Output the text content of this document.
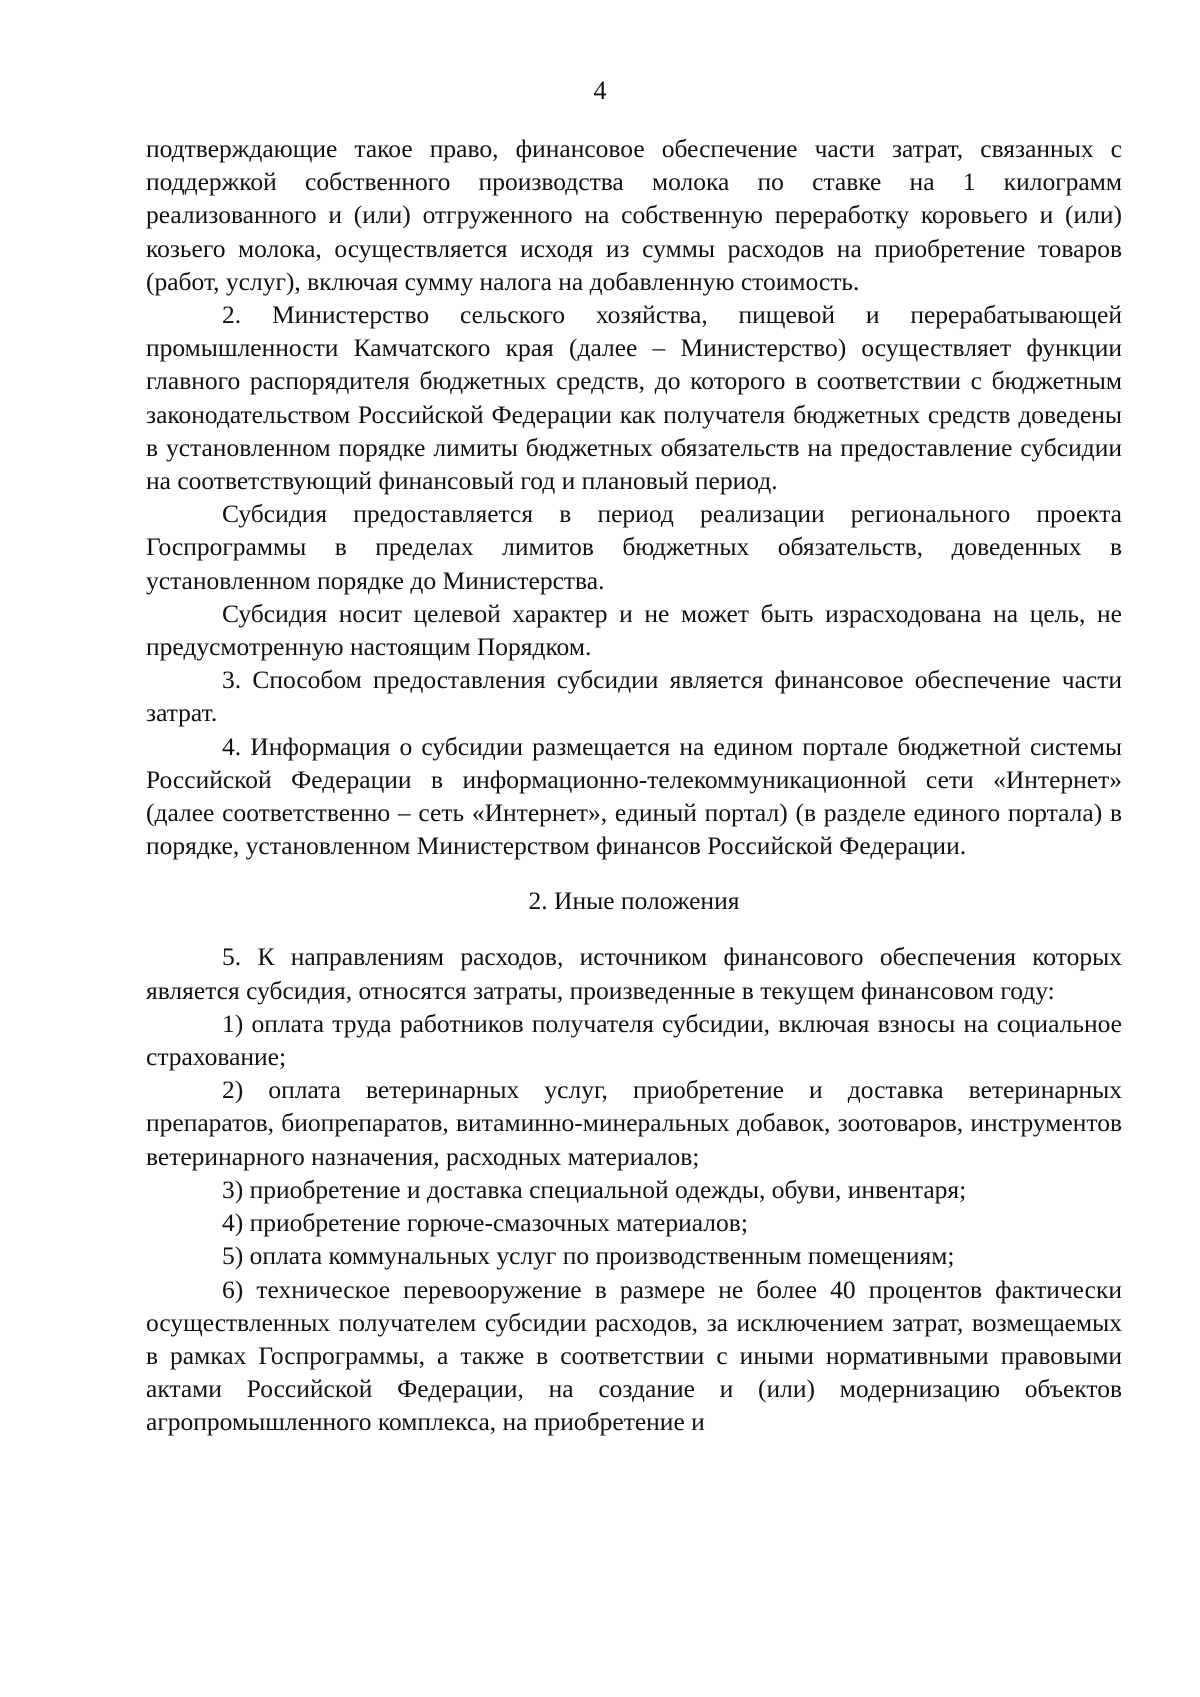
4

подтверждающие такое право, финансовое обеспечение части затрат, связанных с поддержкой собственного производства молока по ставке на 1 килограмм реализованного и (или) отгруженного на собственную переработку коровьего и (или) козьего молока, осуществляется исходя из суммы расходов на приобретение товаров (работ, услуг), включая сумму налога на добавленную стоимость.

2. Министерство сельского хозяйства, пищевой и перерабатывающей промышленности Камчатского края (далее – Министерство) осуществляет функции главного распорядителя бюджетных средств, до которого в соответствии с бюджетным законодательством Российской Федерации как получателя бюджетных средств доведены в установленном порядке лимиты бюджетных обязательств на предоставление субсидии на соответствующий финансовый год и плановый период.

Субсидия предоставляется в период реализации регионального проекта Госпрограммы в пределах лимитов бюджетных обязательств, доведенных в установленном порядке до Министерства.

Субсидия носит целевой характер и не может быть израсходована на цель, не предусмотренную настоящим Порядком.

3. Способом предоставления субсидии является финансовое обеспечение части затрат.

4. Информация о субсидии размещается на едином портале бюджетной системы Российской Федерации в информационно-телекоммуникационной сети «Интернет» (далее соответственно – сеть «Интернет», единый портал) (в разделе единого портала) в порядке, установленном Министерством финансов Российской Федерации.

2. Иные положения

5. К направлениям расходов, источником финансового обеспечения которых является субсидия, относятся затраты, произведенные в текущем финансовом году:

1) оплата труда работников получателя субсидии, включая взносы на социальное страхование;

2) оплата ветеринарных услуг, приобретение и доставка ветеринарных препаратов, биопрепаратов, витаминно-минеральных добавок, зоотоваров, инструментов ветеринарного назначения, расходных материалов;

3) приобретение и доставка специальной одежды, обуви, инвентаря;

4) приобретение горюче-смазочных материалов;

5) оплата коммунальных услуг по производственным помещениям;

6) техническое перевооружение в размере не более 40 процентов фактически осуществленных получателем субсидии расходов, за исключением затрат, возмещаемых в рамках Госпрограммы, а также в соответствии с иными нормативными правовыми актами Российской Федерации, на создание и (или) модернизацию объектов агропромышленного комплекса, на приобретение и
